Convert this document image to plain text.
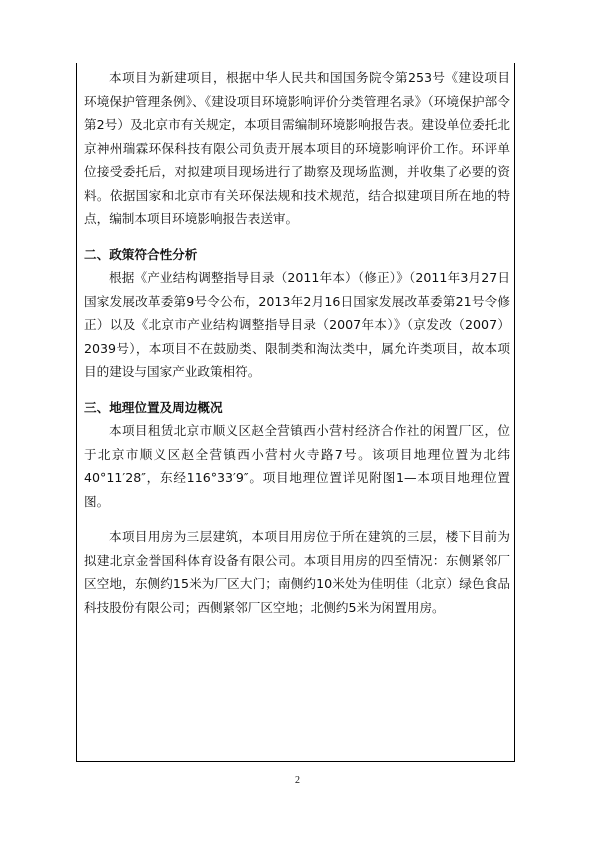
本项目为新建项目，根据中华人民共和国国务院令第253号《建设项目环境保护管理条例》、《建设项目环境影响评价分类管理名录》（环境保护部令第2号）及北京市有关规定，本项目需编制环境影响报告表。建设单位委托北京神州瑞霖环保科技有限公司负责开展本项目的环境影响评价工作。环评单位接受委托后，对拟建项目现场进行了勘察及现场监测，并收集了必要的资料。依据国家和北京市有关环保法规和技术规范，结合拟建项目所在地的特点，编制本项目环境影响报告表送审。

二、政策符合性分析

根据《产业结构调整指导目录（2011年本）（修正）》（2011年3月27日国家发展改革委第9号令公布，2013年2月16日国家发展改革委第21号令修正）以及《北京市产业结构调整指导目录（2007年本）》（京发改（2007）2039号），本项目不在鼓励类、限制类和淘汰类中，属允许类项目，故本项目的建设与国家产业政策相符。

三、地理位置及周边概况

本项目租赁北京市顺义区赵全营镇西小营村经济合作社的闲置厂区，位于北京市顺义区赵全营镇西小营村火寺路7号。该项目地理位置为北纬40°11′28″，东经116°33′9″。项目地理位置详见附图1—本项目地理位置图。

本项目用房为三层建筑，本项目用房位于所在建筑的三层，楼下目前为拟建北京金誉国科体育设备有限公司。本项目用房的四至情况：东侧紧邻厂区空地，东侧约15米为厂区大门；南侧约10米处为佳明佳（北京）绿色食品科技股份有限公司；西侧紧邻厂区空地；北侧约5米为闲置用房。

2
